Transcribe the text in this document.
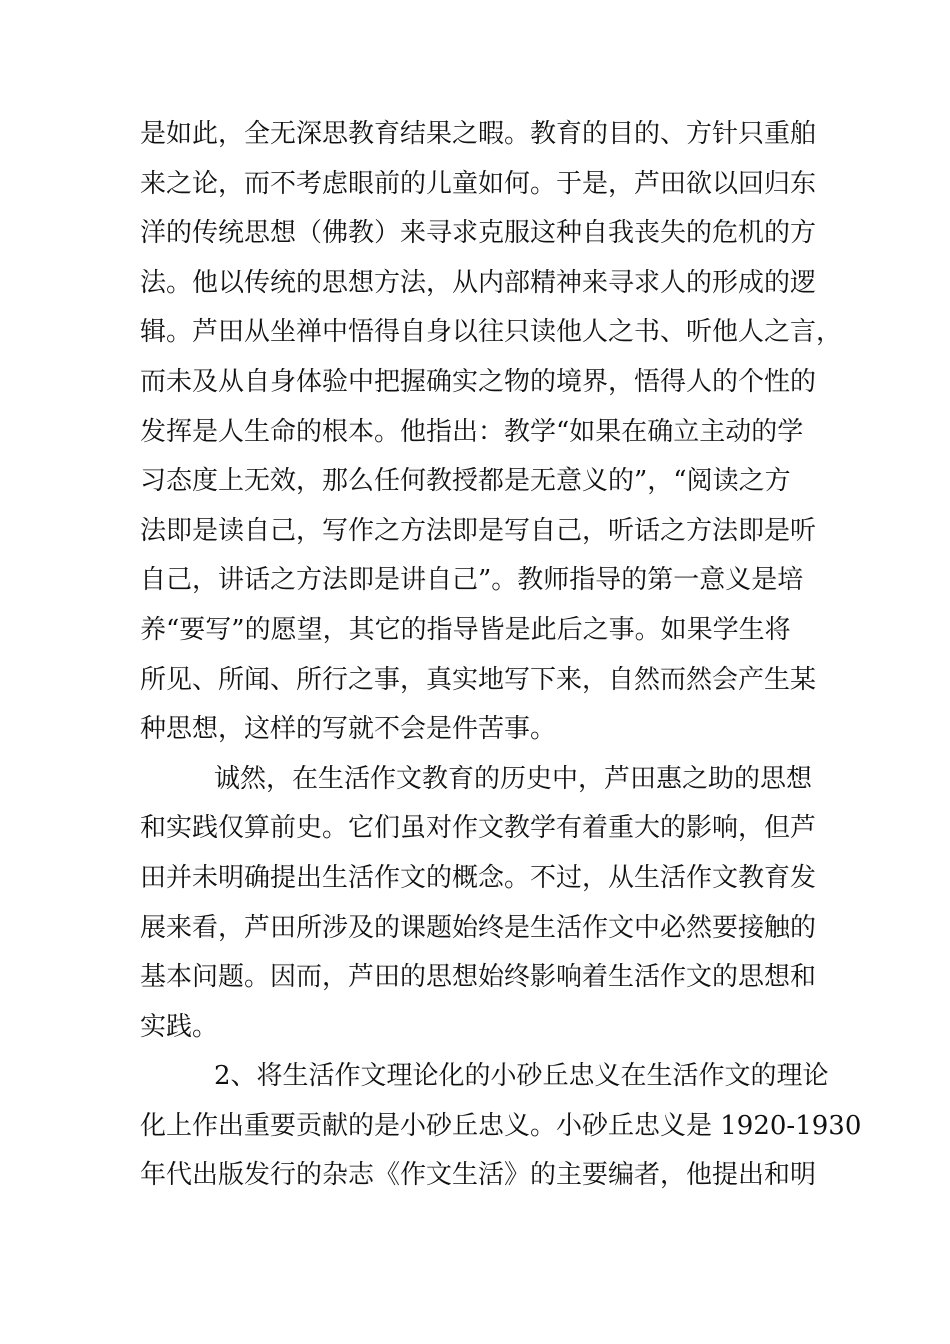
是如此，全无深思教育结果之暇。教育的目的、方针只重舶
来之论，而不考虑眼前的儿童如何。于是，芦田欲以回归东
洋的传统思想（佛教）来寻求克服这种自我丧失的危机的方
法。他以传统的思想方法，从内部精神来寻求人的形成的逻
辑。芦田从坐禅中悟得自身以往只读他人之书、听他人之言，
而未及从自身体验中把握确实之物的境界，悟得人的个性的
发挥是人生命的根本。他指出：教学“如果在确立主动的学
习态度上无效，那么任何教授都是无意义的”，“阅读之方
法即是读自己，写作之方法即是写自己，听话之方法即是听
自己，讲话之方法即是讲自己”。教师指导的第一意义是培
养“要写”的愿望，其它的指导皆是此后之事。如果学生将
所见、所闻、所行之事，真实地写下来，自然而然会产生某
种思想，这样的写就不会是件苦事。
诚然，在生活作文教育的历史中，芦田惠之助的思想
和实践仅算前史。它们虽对作文教学有着重大的影响，但芦
田并未明确提出生活作文的概念。不过，从生活作文教育发
展来看，芦田所涉及的课题始终是生活作文中必然要接触的
基本问题。因而，芦田的思想始终影响着生活作文的思想和
实践。
2、将生活作文理论化的小砂丘忠义在生活作文的理论
化上作出重要贡献的是小砂丘忠义。小砂丘忠义是 1920-1930
年代出版发行的杂志《作文生活》的主要编者，他提出和明
